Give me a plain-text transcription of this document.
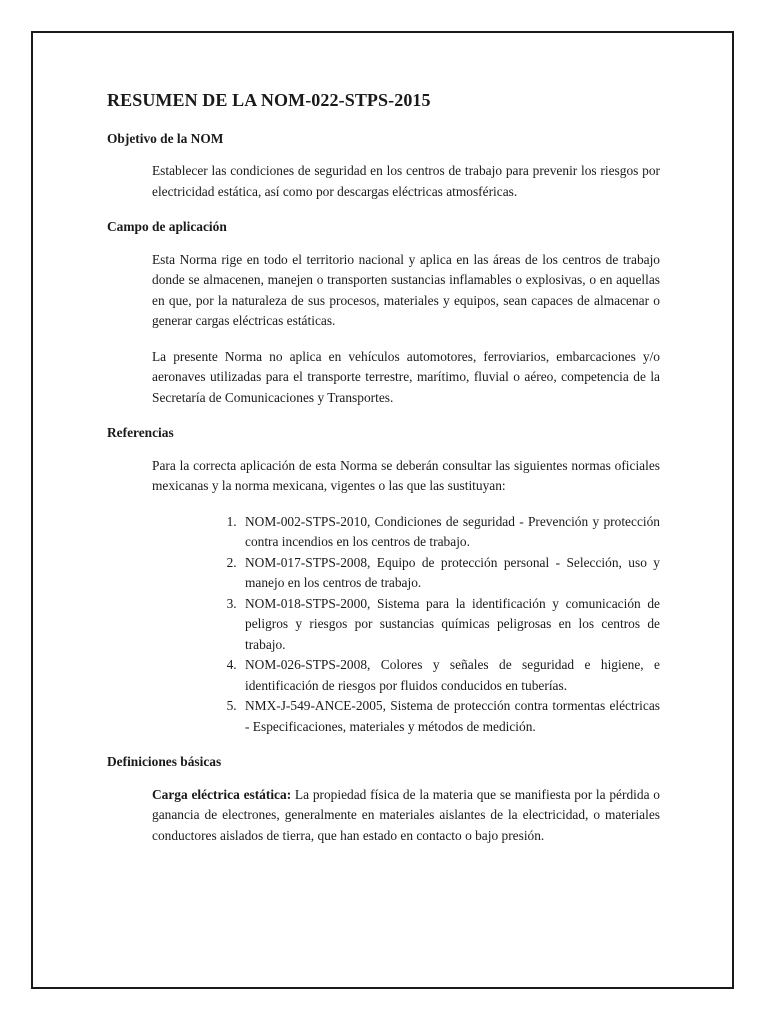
RESUMEN DE LA NOM-022-STPS-2015
Objetivo de la NOM

Establecer las condiciones de seguridad en los centros de trabajo para prevenir los riesgos por electricidad estática, así como por descargas eléctricas atmosféricas.

Campo de aplicación

Esta Norma rige en todo el territorio nacional y aplica en las áreas de los centros de trabajo donde se almacenen, manejen o transporten sustancias inflamables o explosivas, o en aquellas en que, por la naturaleza de sus procesos, materiales y equipos, sean capaces de almacenar o generar cargas eléctricas estáticas.

La presente Norma no aplica en vehículos automotores, ferroviarios, embarcaciones y/o aeronaves utilizadas para el transporte terrestre, marítimo, fluvial o aéreo, competencia de la Secretaría de Comunicaciones y Transportes.

Referencias

Para la correcta aplicación de esta Norma se deberán consultar las siguientes normas oficiales mexicanas y la norma mexicana, vigentes o las que las sustituyan:

1. NOM-002-STPS-2010, Condiciones de seguridad - Prevención y protección contra incendios en los centros de trabajo.
2. NOM-017-STPS-2008, Equipo de protección personal - Selección, uso y manejo en los centros de trabajo.
3. NOM-018-STPS-2000, Sistema para la identificación y comunicación de peligros y riesgos por sustancias químicas peligrosas en los centros de trabajo.
4. NOM-026-STPS-2008, Colores y señales de seguridad e higiene, e identificación de riesgos por fluidos conducidos en tuberías.
5. NMX-J-549-ANCE-2005, Sistema de protección contra tormentas eléctricas - Especificaciones, materiales y métodos de medición.
Definiciones básicas

Carga eléctrica estática: La propiedad física de la materia que se manifiesta por la pérdida o ganancia de electrones, generalmente en materiales aislantes de la electricidad, o materiales conductores aislados de tierra, que han estado en contacto o bajo presión.
